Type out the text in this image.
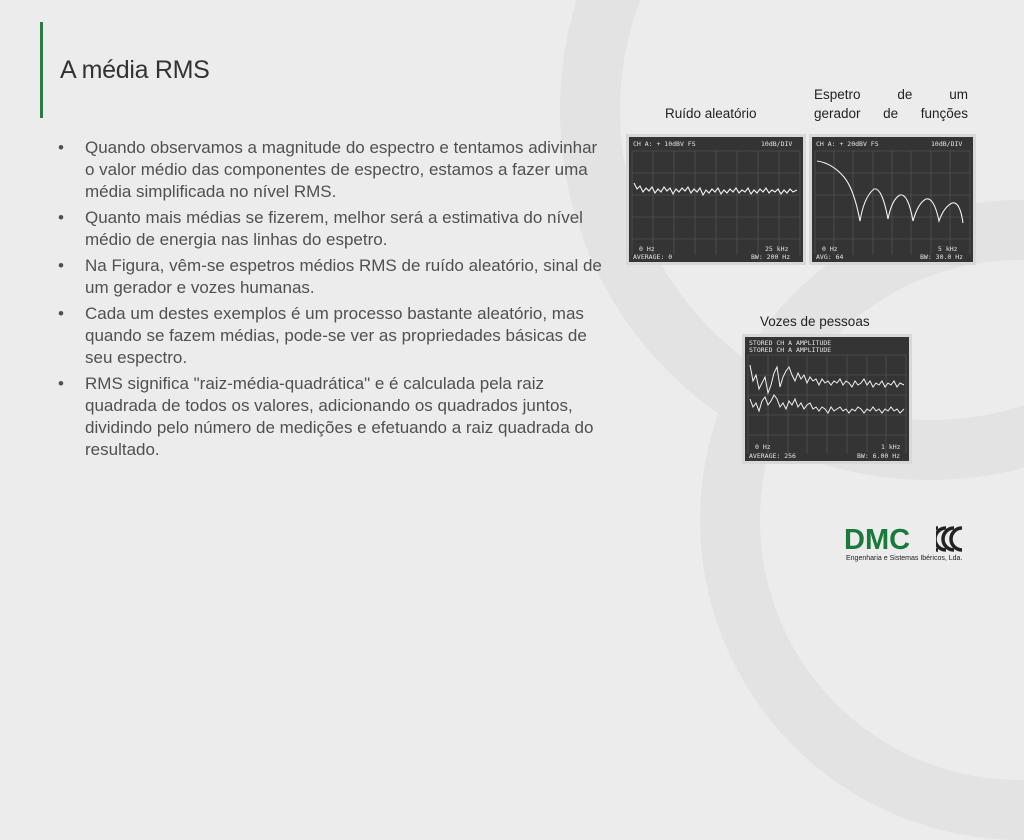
A média RMS
• Quando observamos a magnitude do espectro e tentamos adivinhar o valor médio das componentes de espectro, estamos a fazer uma média simplificada no nível RMS.
• Quanto mais médias se fizerem, melhor será a estimativa do nível médio de energia nas linhas do espetro.
• Na Figura, vêm-se espetros médios RMS de ruído aleatório, sinal de um gerador e vozes humanas.
• Cada um destes exemplos é um processo bastante aleatório, mas quando se fazem médias, pode-se ver as propriedades básicas de seu espectro.
• RMS significa "raiz-média-quadrática" e é calculada pela raiz quadrada de todos os valores, adicionando os quadrados juntos, dividindo pelo número de medições e efetuando a raiz quadrada do resultado.
Ruído aleatório
Espetro de um
gerador de funções
Vozes de pessoas
CH A: + 10dBV FS	10dB/DIV
0 Hz
AVERAGE: 0
25 kHz
BW: 200 Hz
CH A: + 20dBV FS	10dB/DIV
0 Hz
AVG: 64
5 kHz
BW: 30.0 Hz
STORED CH A AMPLITUDE
STORED CH A AMPLITUDE
0 Hz
AVERAGE: 256
1 kHz
BW: 6.00 Hz
DMC
Engenharia e Sistemas Ibéricos, Lda.
